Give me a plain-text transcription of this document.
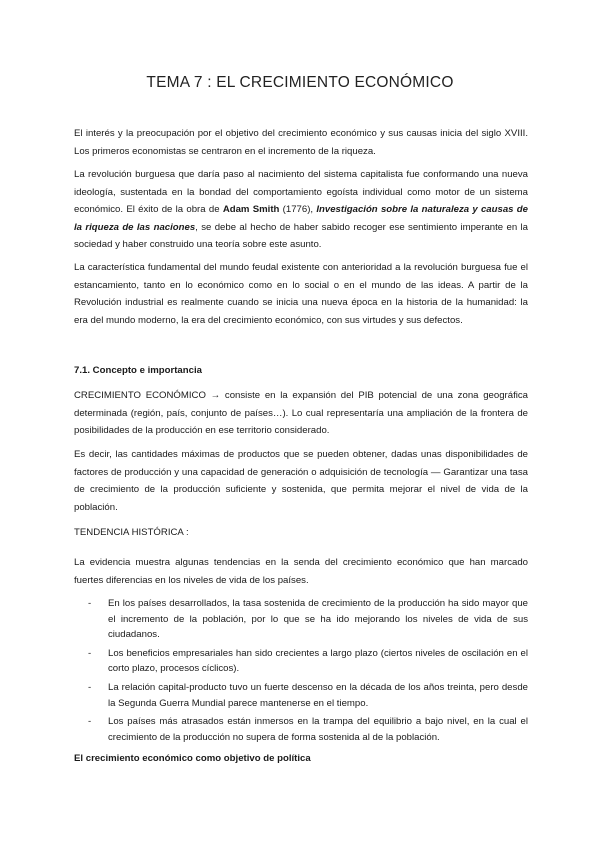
TEMA 7 : EL CRECIMIENTO ECONÓMICO
El interés y la preocupación por el objetivo del crecimiento económico y sus causas inicia del siglo XVIII. Los primeros economistas se centraron en el incremento de la riqueza.
La revolución burguesa que daría paso al nacimiento del sistema capitalista fue conformando una nueva ideología, sustentada en la bondad del comportamiento egoísta individual como motor de un sistema económico. El éxito de la obra de Adam Smith (1776), Investigación sobre la naturaleza y causas de la riqueza de las naciones, se debe al hecho de haber sabido recoger ese sentimiento imperante en la sociedad y haber construido una teoría sobre este asunto.
La característica fundamental del mundo feudal existente con anterioridad a la revolución burguesa fue el estancamiento, tanto en lo económico como en lo social o en el mundo de las ideas. A partir de la Revolución industrial es realmente cuando se inicia una nueva época en la historia de la humanidad: la era del mundo moderno, la era del crecimiento económico, con sus virtudes y sus defectos.
7.1. Concepto e importancia
CRECIMIENTO ECONÓMICO → consiste en la expansión del PIB potencial de una zona geográfica determinada (región, país, conjunto de países…). Lo cual representaría una ampliación de la frontera de posibilidades de la producción en ese territorio considerado.
Es decir, las cantidades máximas de productos que se pueden obtener, dadas unas disponibilidades de factores de producción y una capacidad de generación o adquisición de tecnología — Garantizar una tasa de crecimiento de la producción suficiente y sostenida, que permita mejorar el nivel de vida de la población.
TENDENCIA HISTÓRICA :
La evidencia muestra algunas tendencias en la senda del crecimiento económico que han marcado fuertes diferencias en los niveles de vida de los países.
- En los países desarrollados, la tasa sostenida de crecimiento de la producción ha sido mayor que el incremento de la población, por lo que se ha ido mejorando los niveles de vida de sus ciudadanos.
- Los beneficios empresariales han sido crecientes a largo plazo (ciertos niveles de oscilación en el corto plazo, procesos cíclicos).
- La relación capital-producto tuvo un fuerte descenso en la década de los años treinta, pero desde la Segunda Guerra Mundial parece mantenerse en el tiempo.
- Los países más atrasados están inmersos en la trampa del equilibrio a bajo nivel, en la cual el crecimiento de la producción no supera de forma sostenida al de la población.
El crecimiento económico como objetivo de política
